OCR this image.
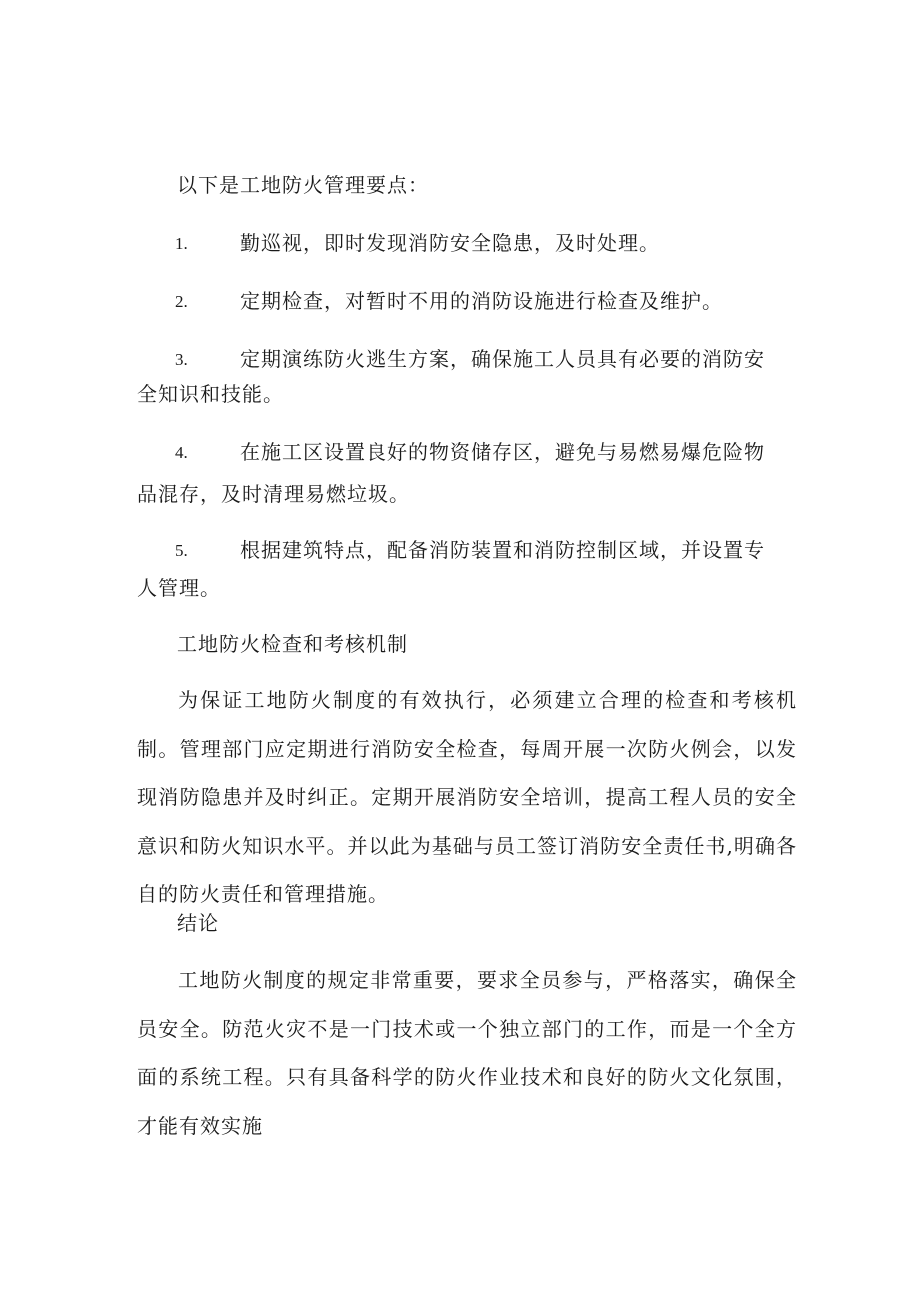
以下是工地防火管理要点：
1.	勤巡视，即时发现消防安全隐患，及时处理。
2.	定期检查，对暂时不用的消防设施进行检查及维护。
3.	定期演练防火逃生方案，确保施工人员具有必要的消防安
全知识和技能。
4.	在施工区设置良好的物资储存区，避免与易燃易爆危险物
品混存，及时清理易燃垃圾。
5.	根据建筑特点，配备消防装置和消防控制区域，并设置专
人管理。
工地防火检查和考核机制
为保证工地防火制度的有效执行，必须建立合理的检查和考核机制。管理部门应定期进行消防安全检查，每周开展一次防火例会，以发现消防隐患并及时纠正。定期开展消防安全培训，提高工程人员的安全意识和防火知识水平。并以此为基础与员工签订消防安全责任书,明确各自的防火责任和管理措施。
结论
工地防火制度的规定非常重要，要求全员参与，严格落实，确保全员安全。防范火灾不是一门技术或一个独立部门的工作，而是一个全方面的系统工程。只有具备科学的防火作业技术和良好的防火文化氛围，才能有效实施
